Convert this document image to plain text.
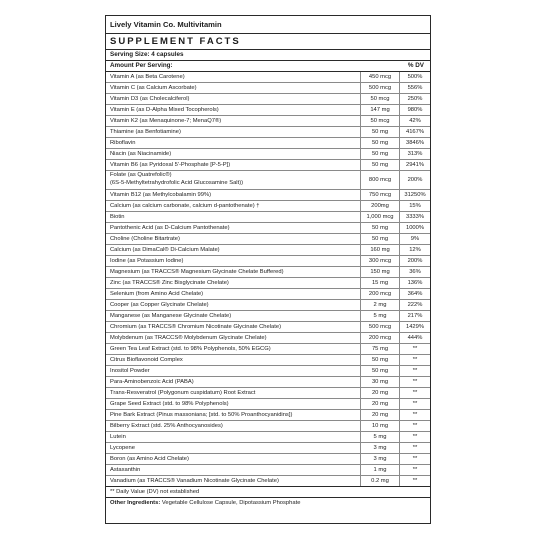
Lively Vitamin Co. Multivitamin
SUPPLEMENT FACTS
Serving Size: 4 capsules
Amount Per Serving:	% DV
Vitamin A (as Beta Carotene)	450 mcg	500%
Vitamin C (as Calcium Ascorbate)	500 mcg	556%
Vitamin D3 (as Cholecalciferol)	50 mcg	250%
Vitamin E (as D-Alpha Mixed Tocopherols)	147 mg	980%
Vitamin K2 (as Menaquinone-7; MenaQ7®)	50 mcg	42%
Thiamine (as Benfotiamine)	50 mg	4167%
Riboflavin	50 mg	3846%
Niacin (as Niacinamide)	50 mg	313%
Vitamin B6 (as Pyridoxal 5'-Phosphate [P-5-P])	50 mg	2941%
Folate (as Quatrefolic®)
(6S-5-Methyltetrahydrofolic Acid Glucosamine Salt))	800 mcg	200%
Vitamin B12 (as Methylcobalamin 99%)	750 mcg	31250%
Calcium (as calcium carbonate, calcium d-pantothenate) †	200mg	15%
Biotin	1,000 mcg	3333%
Pantothenic Acid (as D-Calcium Pantothenate)	50 mg	1000%
Choline (Choline Bitartrate)	50 mg	9%
Calcium (as DimaCal® Di-Calcium Malate)	160 mg	12%
Iodine (as Potassium Iodine)	300 mcg	200%
Magnesium (as TRACCS® Magnesium Glycinate Chelate Buffered)	150 mg	36%
Zinc (as TRACCS® Zinc Bisglycinate Chelate)	15 mg	136%
Selenium (from Amino Acid Chelate)	200 mcg	364%
Cooper (as Copper Glycinate Chelate)	2 mg	222%
Manganese (as Manganese Glycinate Chelate)	5 mg	217%
Chromium (as TRACCS® Chromium Nicotinate Glycinate Chelate)	500 mcg	1429%
Molybdenum (as TRACCS® Molybdenum Glycinate Chelate)	200 mcg	444%
Green Tea Leaf Extract (std. to 98% Polyphenols, 50% EGCG)	75 mg	**
Citrus Bioflavonoid Complex	50 mg	**
Inositol Powder	50 mg	**
Para-Aminobenzoic Acid (PABA)	30 mg	**
Trans-Resveratrol (Polygonum cuspidatum) Root Extract	20 mg	**
Grape Seed Extract (std. to 98% Polyphenols)	20 mg	**
Pine Bark Extract (Pinus massoniana; [std. to 50% Proanthocyanidins])	20 mg	**
Bilberry Extract (std. 25% Anthocyanosides)	10 mg	**
Lutein	5 mg	**
Lycopene	3 mg	**
Boron (as Amino Acid Chelate)	3 mg	**
Astaxanthin	1 mg	**
Vanadium (as TRACCS® Vanadium Nicotinate Glycinate Chelate)	0.2 mg	**
** Daily Value (DV) not established
Other Ingredients: Vegetable Cellulose Capsule, Dipotassium Phosphate
